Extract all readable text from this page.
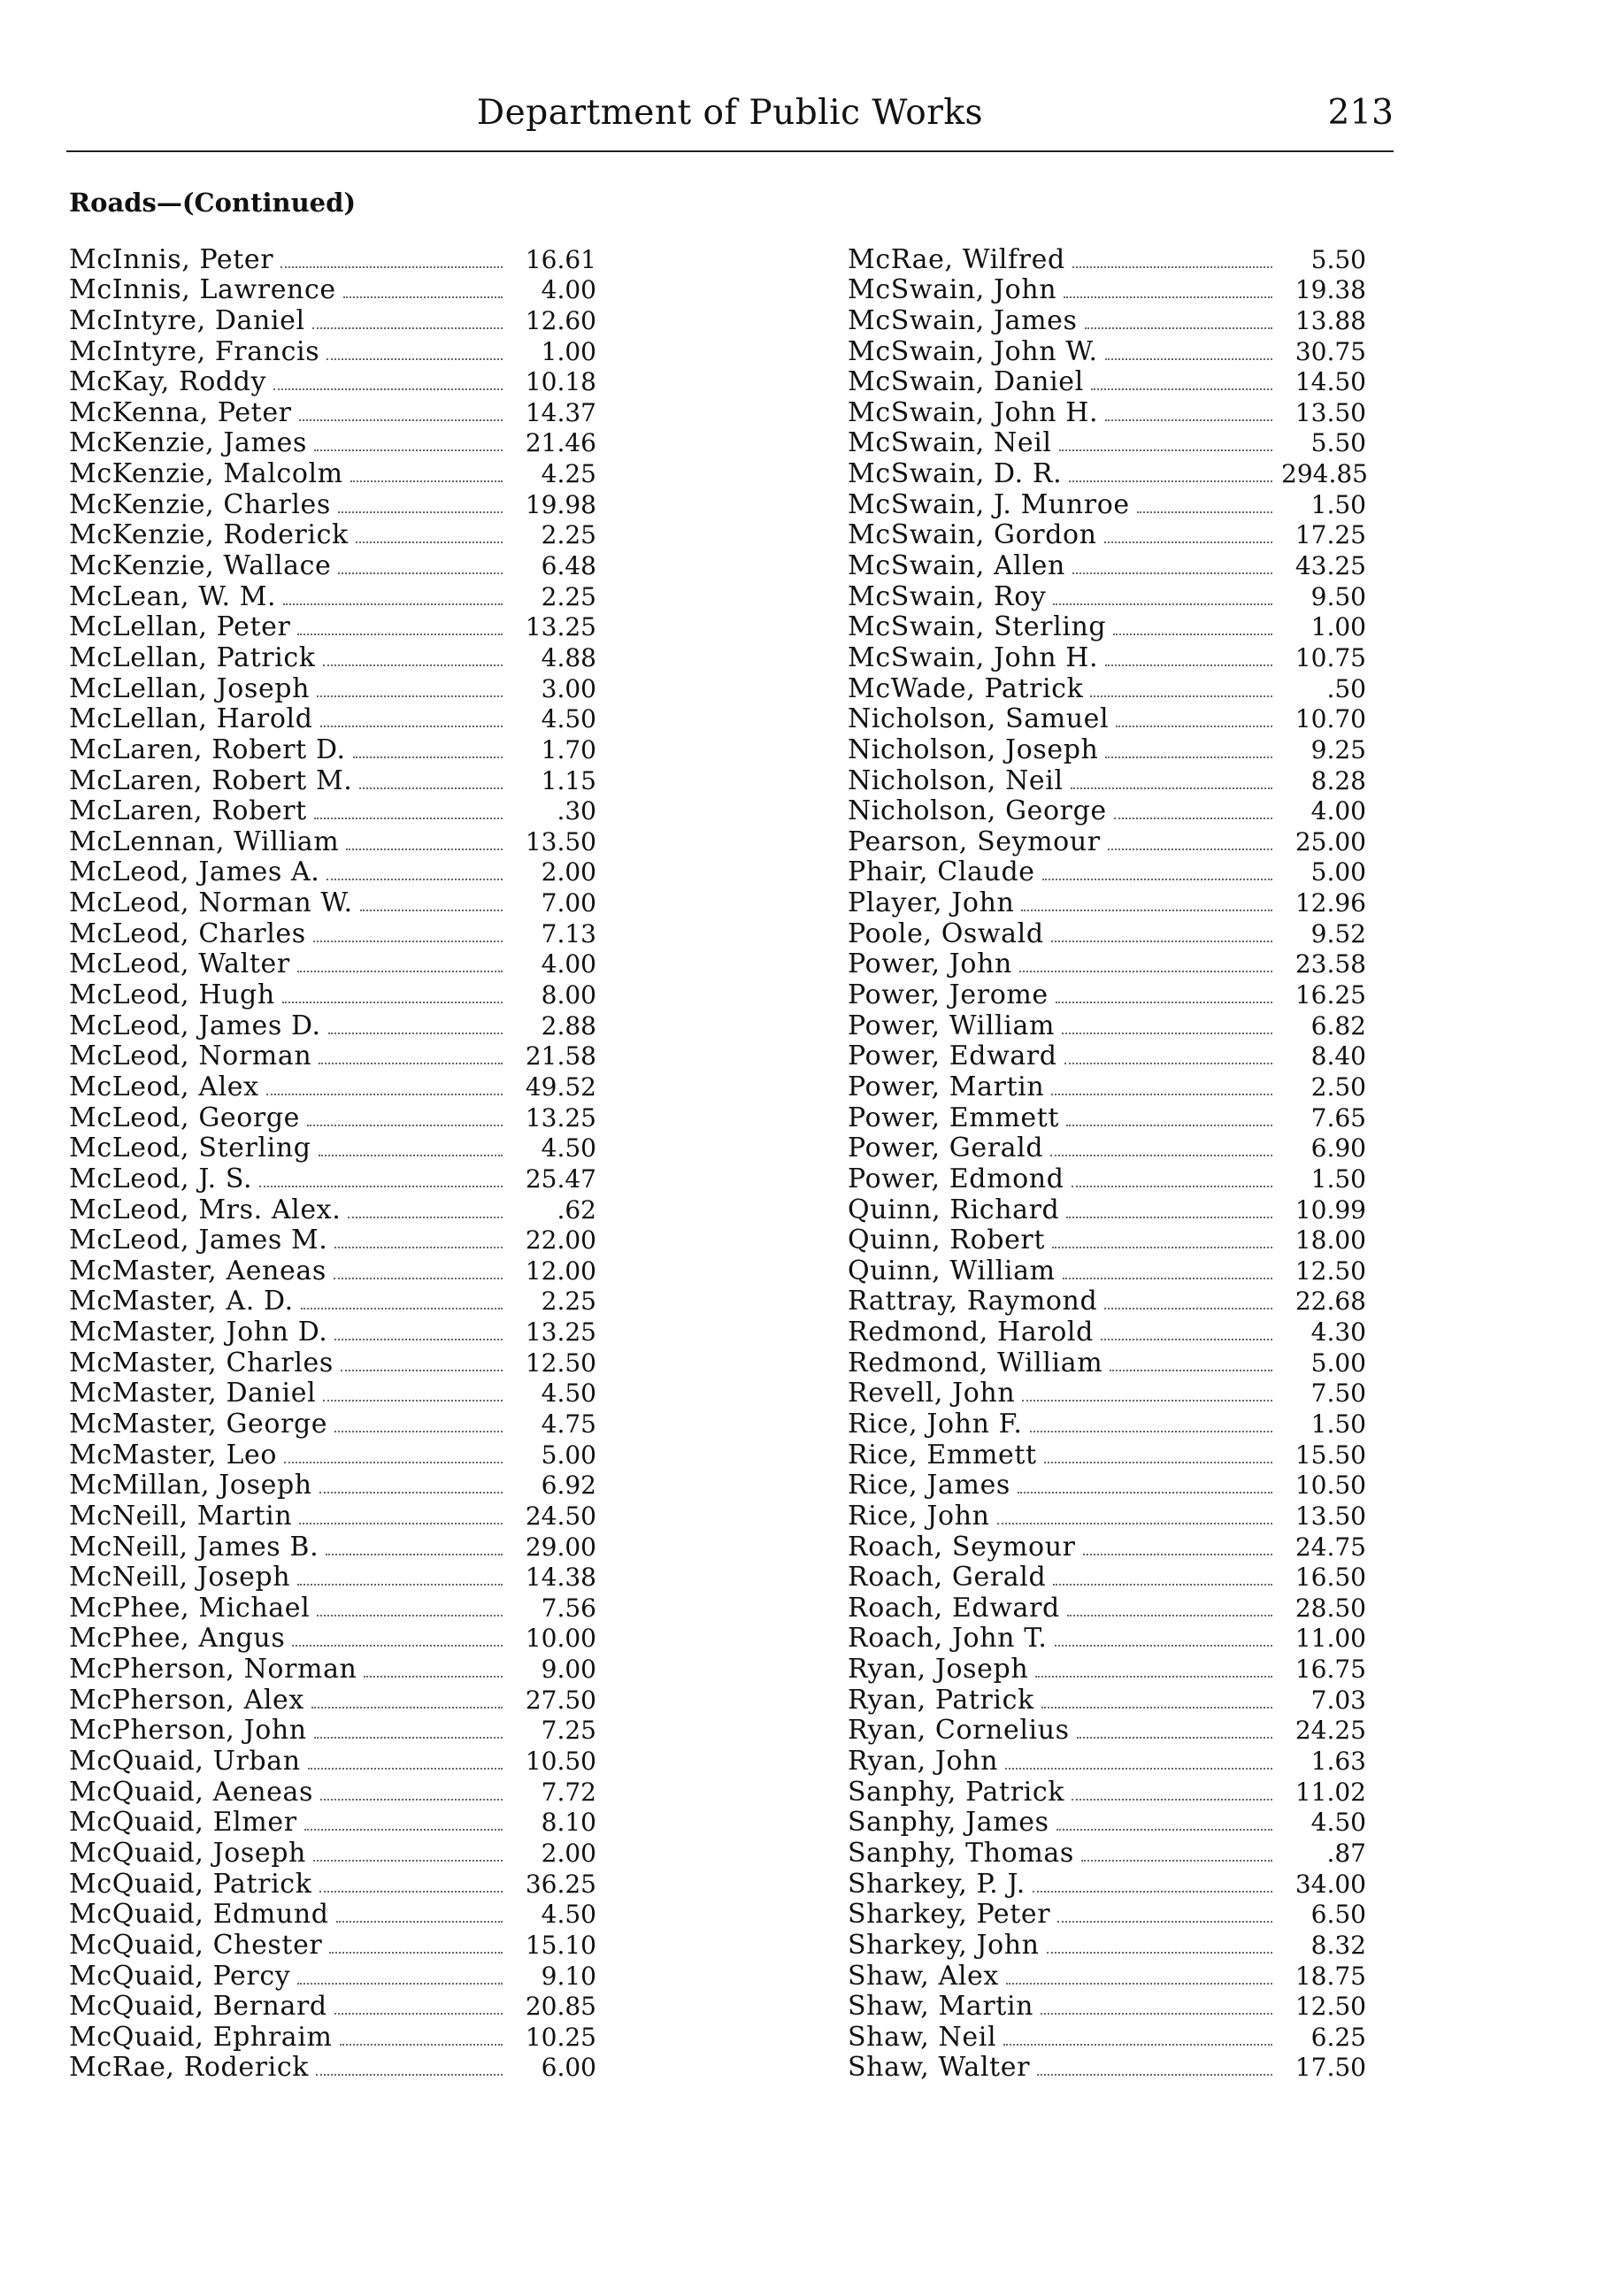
Department of Public Works	213
Roads—(Continued)
McInnis, Peter	16.61
McInnis, Lawrence	4.00
McIntyre, Daniel	12.60
McIntyre, Francis	1.00
McKay, Roddy	10.18
McKenna, Peter	14.37
McKenzie, James	21.46
McKenzie, Malcolm	4.25
McKenzie, Charles	19.98
McKenzie, Roderick	2.25
McKenzie, Wallace	6.48
McLean, W. M.	2.25
McLellan, Peter	13.25
McLellan, Patrick	4.88
McLellan, Joseph	3.00
McLellan, Harold	4.50
McLaren, Robert D.	1.70
McLaren, Robert M.	1.15
McLaren, Robert	.30
McLennan, William	13.50
McLeod, James A.	2.00
McLeod, Norman W.	7.00
McLeod, Charles	7.13
McLeod, Walter	4.00
McLeod, Hugh	8.00
McLeod, James D.	2.88
McLeod, Norman	21.58
McLeod, Alex	49.52
McLeod, George	13.25
McLeod, Sterling	4.50
McLeod, J. S.	25.47
McLeod, Mrs. Alex.	.62
McLeod, James M.	22.00
McMaster, Aeneas	12.00
McMaster, A. D.	2.25
McMaster, John D.	13.25
McMaster, Charles	12.50
McMaster, Daniel	4.50
McMaster, George	4.75
McMaster, Leo	5.00
McMillan, Joseph	6.92
McNeill, Martin	24.50
McNeill, James B.	29.00
McNeill, Joseph	14.38
McPhee, Michael	7.56
McPhee, Angus	10.00
McPherson, Norman	9.00
McPherson, Alex	27.50
McPherson, John	7.25
McQuaid, Urban	10.50
McQuaid, Aeneas	7.72
McQuaid, Elmer	8.10
McQuaid, Joseph	2.00
McQuaid, Patrick	36.25
McQuaid, Edmund	4.50
McQuaid, Chester	15.10
McQuaid, Percy	9.10
McQuaid, Bernard	20.85
McQuaid, Ephraim	10.25
McRae, Roderick	6.00
McRae, Wilfred	5.50
McSwain, John	19.38
McSwain, James	13.88
McSwain, John W.	30.75
McSwain, Daniel	14.50
McSwain, John H.	13.50
McSwain, Neil	5.50
McSwain, D. R.	294.85
McSwain, J. Munroe	1.50
McSwain, Gordon	17.25
McSwain, Allen	43.25
McSwain, Roy	9.50
McSwain, Sterling	1.00
McSwain, John H.	10.75
McWade, Patrick	.50
Nicholson, Samuel	10.70
Nicholson, Joseph	9.25
Nicholson, Neil	8.28
Nicholson, George	4.00
Pearson, Seymour	25.00
Phair, Claude	5.00
Player, John	12.96
Poole, Oswald	9.52
Power, John	23.58
Power, Jerome	16.25
Power, William	6.82
Power, Edward	8.40
Power, Martin	2.50
Power, Emmett	7.65
Power, Gerald	6.90
Power, Edmond	1.50
Quinn, Richard	10.99
Quinn, Robert	18.00
Quinn, William	12.50
Rattray, Raymond	22.68
Redmond, Harold	4.30
Redmond, William	5.00
Revell, John	7.50
Rice, John F.	1.50
Rice, Emmett	15.50
Rice, James	10.50
Rice, John	13.50
Roach, Seymour	24.75
Roach, Gerald	16.50
Roach, Edward	28.50
Roach, John T.	11.00
Ryan, Joseph	16.75
Ryan, Patrick	7.03
Ryan, Cornelius	24.25
Ryan, John	1.63
Sanphy, Patrick	11.02
Sanphy, James	4.50
Sanphy, Thomas	.87
Sharkey, P. J.	34.00
Sharkey, Peter	6.50
Sharkey, John	8.32
Shaw, Alex	18.75
Shaw, Martin	12.50
Shaw, Neil	6.25
Shaw, Walter	17.50
